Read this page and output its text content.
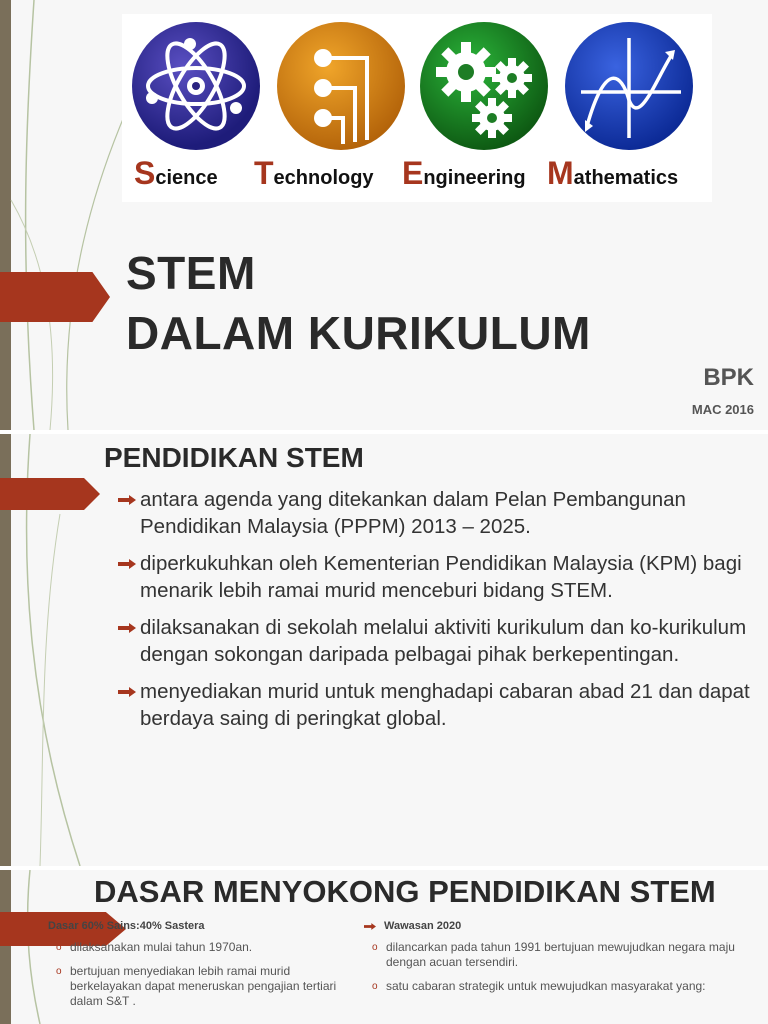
Science Technology Engineering Mathematics
STEM
DALAM KURIKULUM
BPK
MAC 2016
PENDIDIKAN STEM
antara agenda yang ditekankan dalam Pelan Pembangunan Pendidikan Malaysia (PPPM) 2013 – 2025.
diperkukuhkan oleh Kementerian Pendidikan Malaysia (KPM) bagi menarik lebih ramai murid menceburi bidang STEM.
dilaksanakan di sekolah melalui aktiviti kurikulum dan ko-kurikulum dengan sokongan daripada pelbagai pihak berkepentingan.
menyediakan murid untuk menghadapi cabaran abad 21 dan dapat berdaya saing di peringkat global.
DASAR MENYOKONG PENDIDIKAN STEM
Dasar 60% Sains:40% Sastera
o dilaksanakan mulai tahun 1970an.
o bertujuan menyediakan lebih ramai murid berkelayakan dapat meneruskan pengajian tertiari dalam S&T .
Wawasan 2020
o dilancarkan pada tahun 1991 bertujuan mewujudkan negara maju dengan acuan tersendiri.
o satu cabaran strategik untuk mewujudkan masyarakat yang:
